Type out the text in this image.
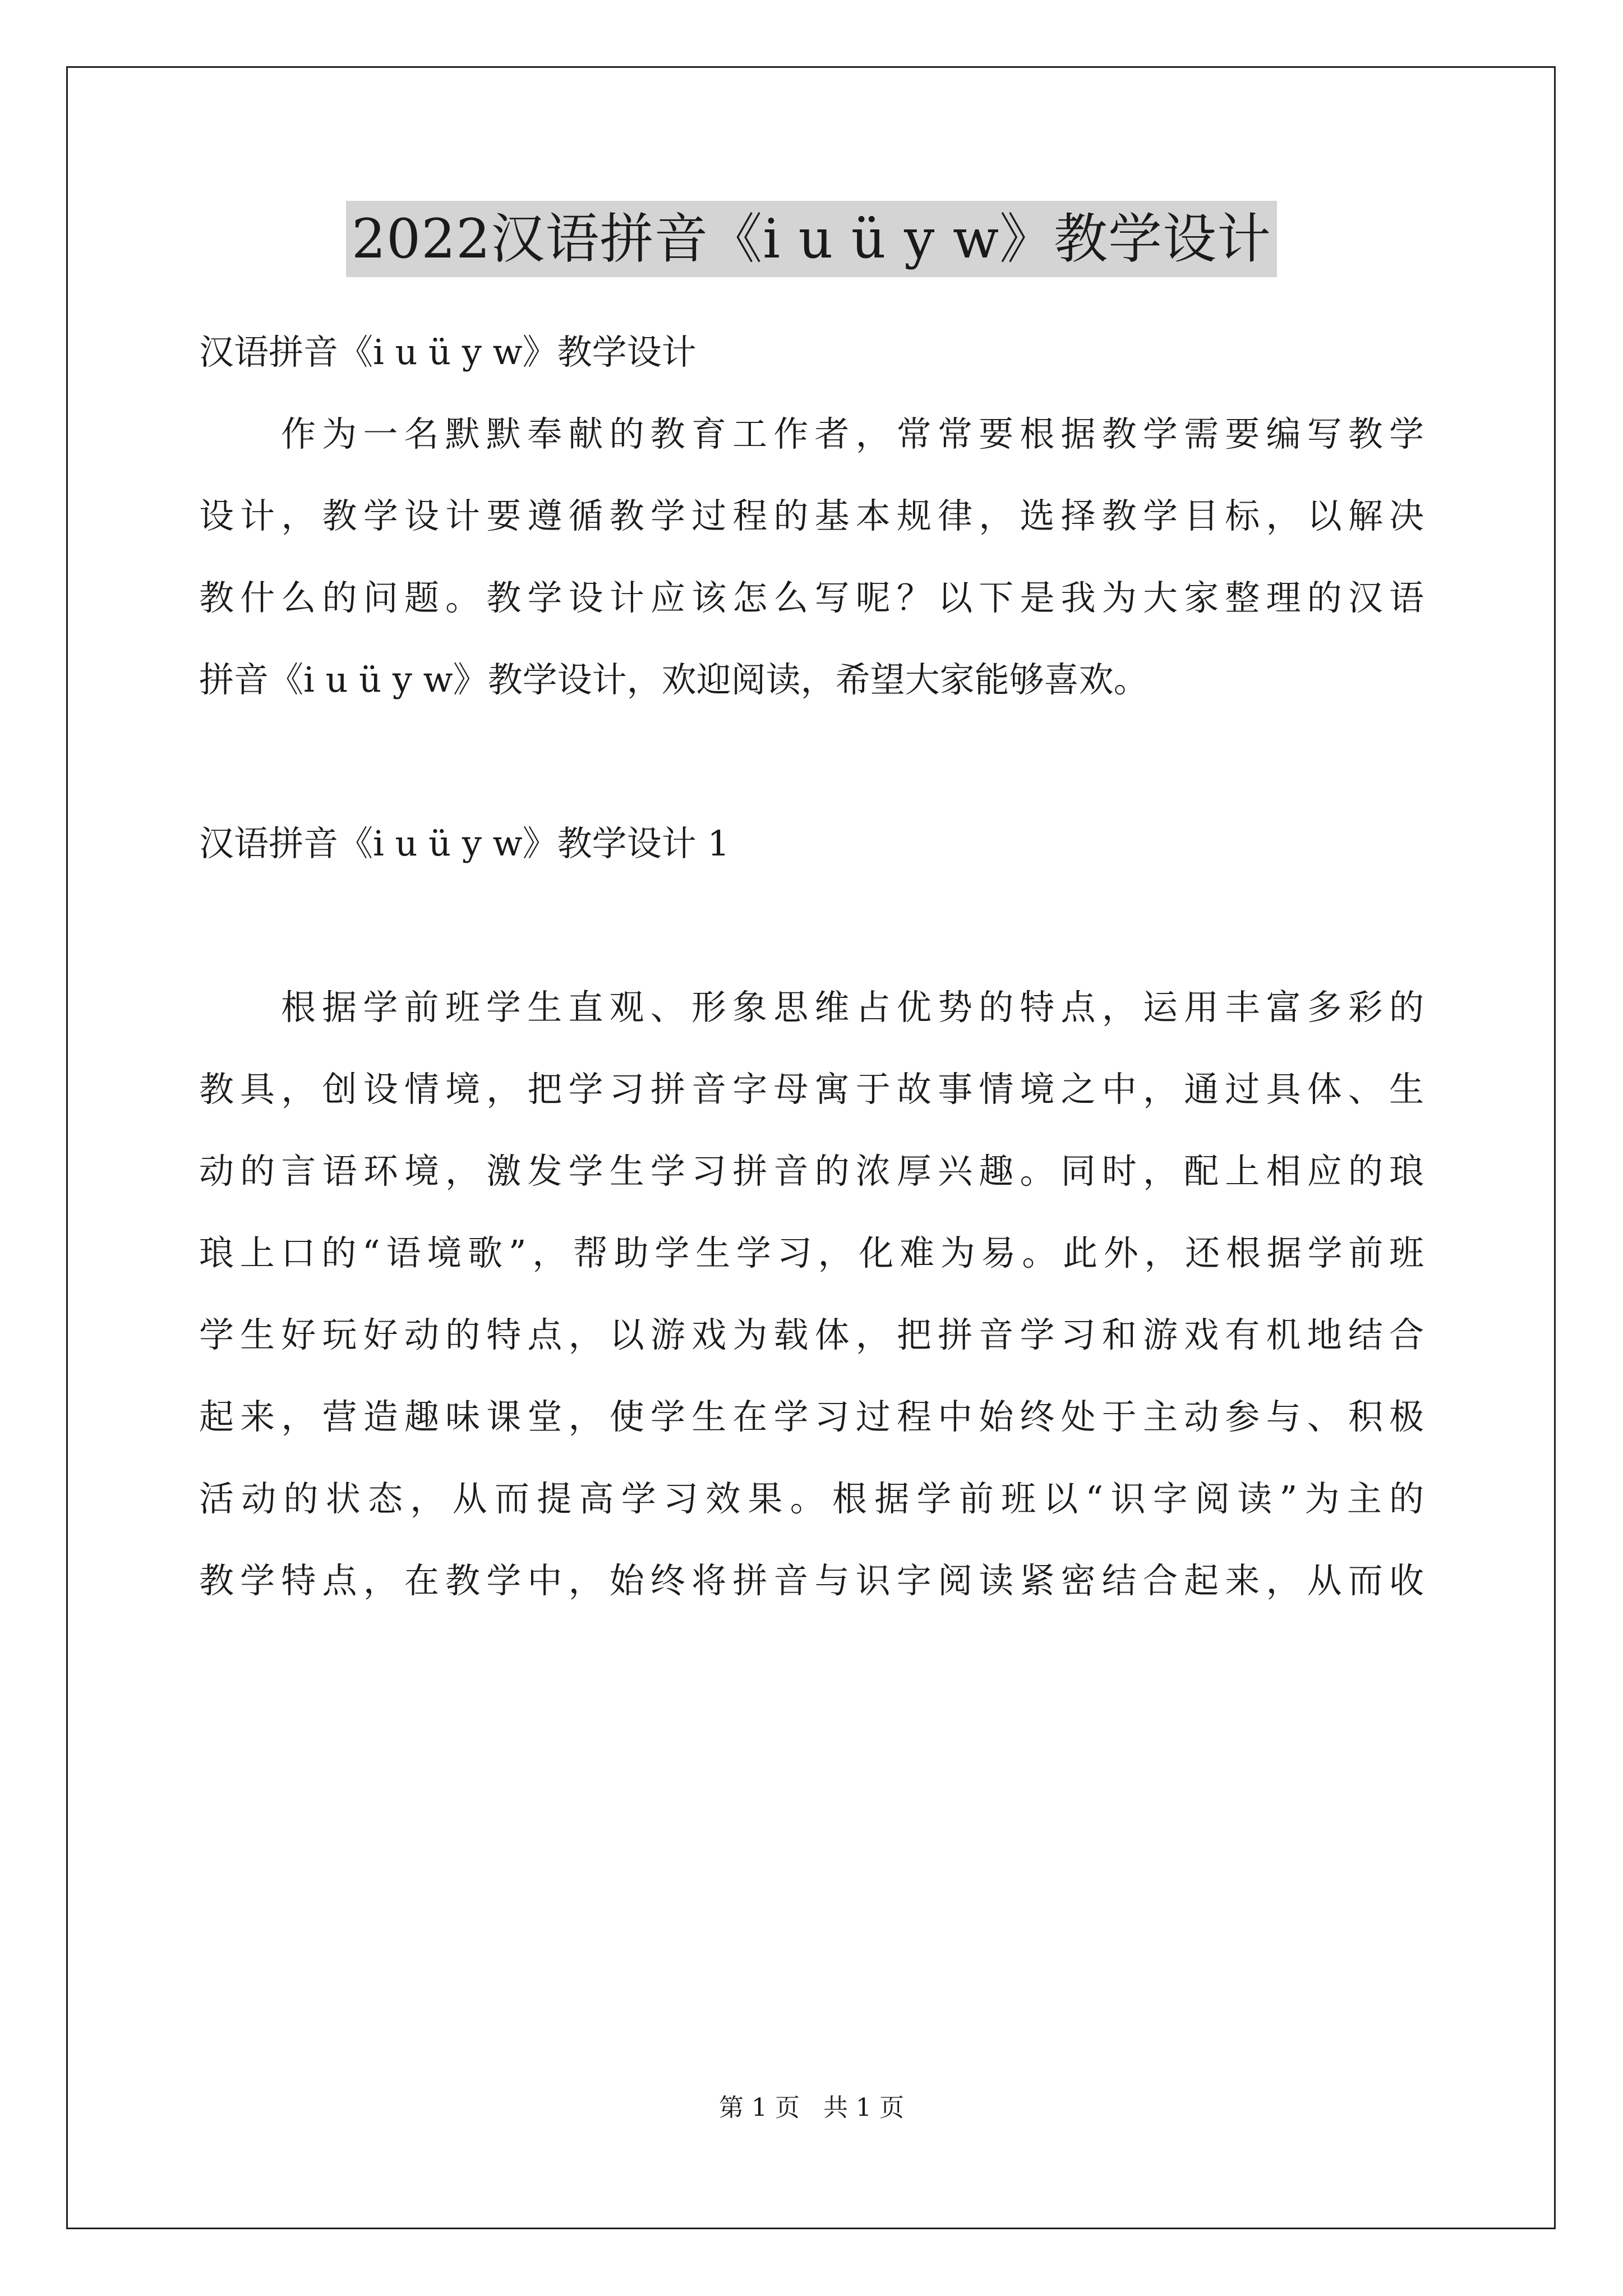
2022汉语拼音《i u ü y w》教学设计
汉语拼音《i u ü y w》教学设计
作为一名默默奉献的教育工作者，常常要根据教学需要编写教学
设计，教学设计要遵循教学过程的基本规律，选择教学目标，以解决
教什么的问题。教学设计应该怎么写呢？以下是我为大家整理的汉语
拼音《i u ü y w》教学设计，欢迎阅读，希望大家能够喜欢。
汉语拼音《i u ü y w》教学设计 1
根据学前班学生直观、形象思维占优势的特点，运用丰富多彩的
教具，创设情境，把学习拼音字母寓于故事情境之中，通过具体、生
动的言语环境，激发学生学习拼音的浓厚兴趣。同时，配上相应的琅
琅上口的“语境歌”，帮助学生学习，化难为易。此外，还根据学前班
学生好玩好动的特点，以游戏为载体，把拼音学习和游戏有机地结合
起来，营造趣味课堂，使学生在学习过程中始终处于主动参与、积极
活动的状态，从而提高学习效果。根据学前班以“识字阅读”为主的
教学特点，在教学中，始终将拼音与识字阅读紧密结合起来，从而收
第 1 页 共 1 页
